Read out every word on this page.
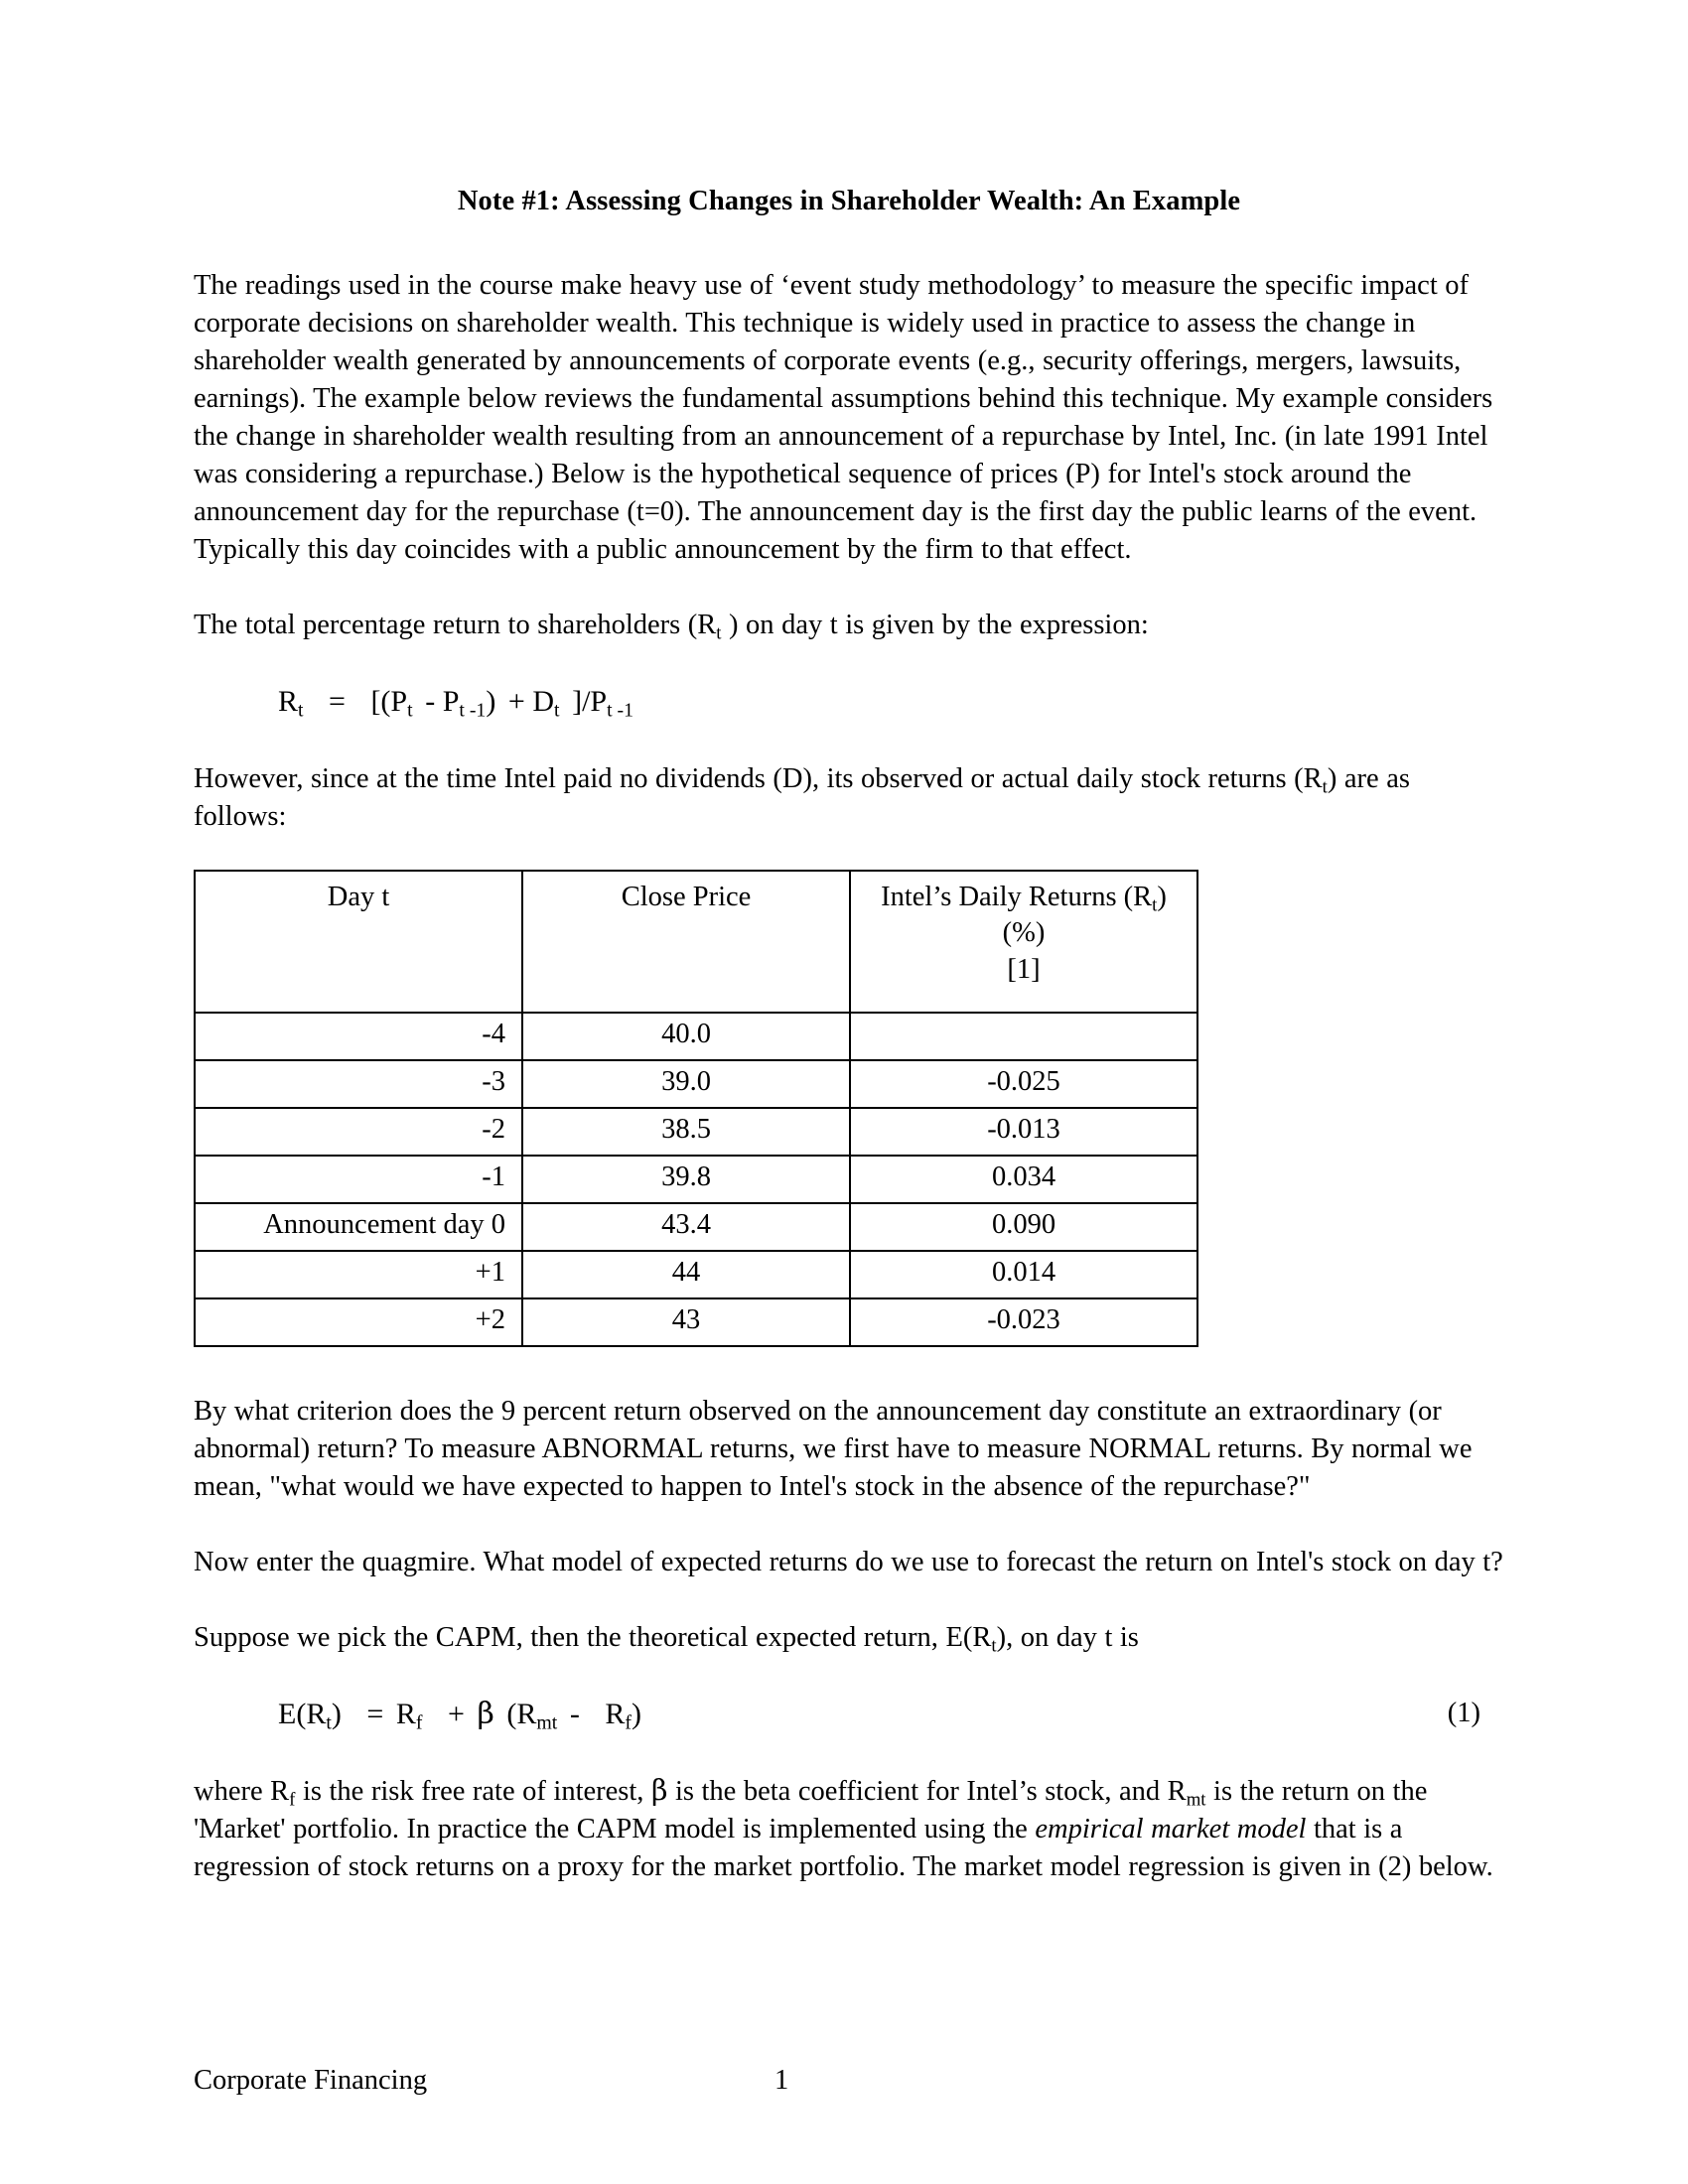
Note #1: Assessing Changes in Shareholder Wealth: An Example

The readings used in the course make heavy use of ‘event study methodology’ to measure the specific impact of corporate decisions on shareholder wealth. This technique is widely used in practice to assess the change in shareholder wealth generated by announcements of corporate events (e.g., security offerings, mergers, lawsuits, earnings). The example below reviews the fundamental assumptions behind this technique. My example considers the change in shareholder wealth resulting from an announcement of a repurchase by Intel, Inc. (in late 1991 Intel was considering a repurchase.) Below is the hypothetical sequence of prices (P) for Intel's stock around the announcement day for the repurchase (t=0). The announcement day is the first day the public learns of the event. Typically this day coincides with a public announcement by the firm to that effect.

The total percentage return to shareholders ($R_t$ ) on day t is given by the expression:

$R_t = [(P_t - P_{t -1}) + D_t$ ]$/P_{t -1}$

However, since at the time Intel paid no dividends (D), its observed or actual daily stock returns $(R_t)$ are as follows:

Day t	Close Price	Intel’s Daily Returns $(R_t)$
(%)
[1]

-4	40.0	
-3	39.0	-0.025
-2	38.5	-0.013
-1	39.8	0.034
Announcement day 0	43.4	0.090
+1	44	0.014
+2	43	-0.023

By what criterion does the 9 percent return observed on the announcement day constitute an extraordinary (or abnormal) return? To measure ABNORMAL returns, we first have to measure NORMAL returns. By normal we mean, "what would we have expected to happen to Intel's stock in the absence of the repurchase?"

Now enter the quagmire. What model of expected returns do we use to forecast the return on Intel's stock on day t?

Suppose we pick the CAPM, then the theoretical expected return, $E(R_t)$, on day t is

$E(R_t) = R_f + \beta$ $(R_{mt} - R_f)$	(1)

where $R_f$ is the risk free rate of interest, β is the beta coefficient for Intel’s stock, and $R_{mt}$ is the return on the 'Market' portfolio. In practice the CAPM model is implemented using the empirical market model that is a regression of stock returns on a proxy for the market portfolio. The market model regression is given in (2) below.

Corporate Financing	1
